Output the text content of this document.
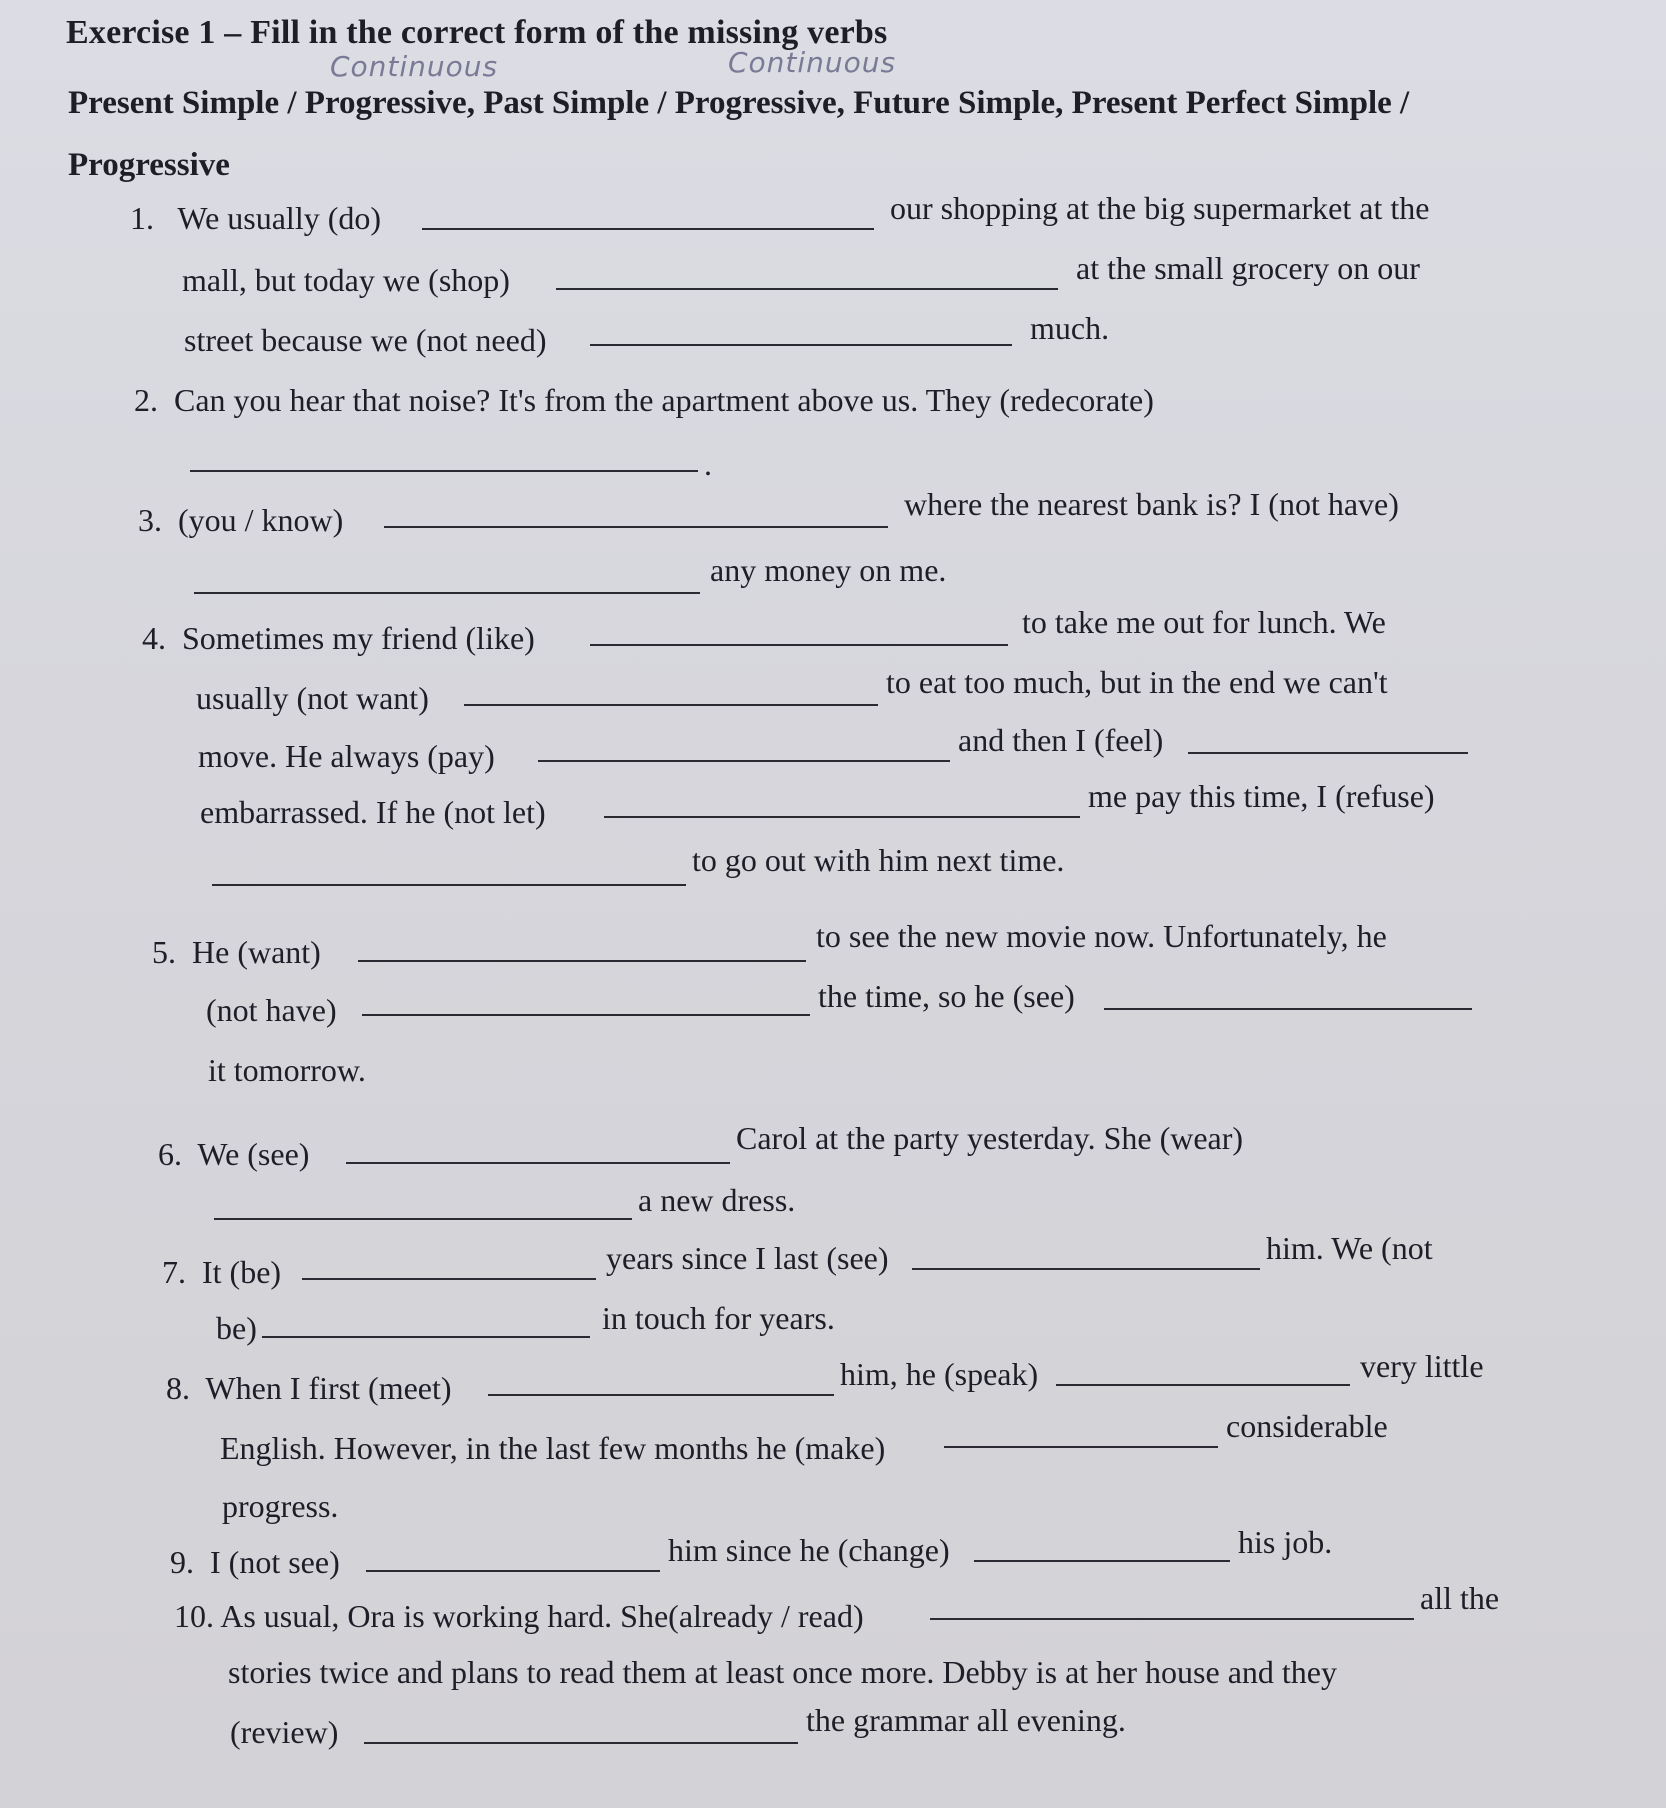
Exercise 1 – Fill in the correct form of the missing verbs
Continuous	Continuous
Present Simple / Progressive, Past Simple / Progressive, Future Simple, Present Perfect Simple / Progressive
1. We usually (do)	our shopping at the big supermarket at the
mall, but today we (shop)	at the small grocery on our
street because we (not need)	much.
2. Can you hear that noise? It's from the apartment above us. They (redecorate)
.
3. (you / know)	where the nearest bank is? I (not have)
any money on me.
4. Sometimes my friend (like)	to take me out for lunch. We
usually (not want)	to eat too much, but in the end we can't
move. He always (pay)	and then I (feel)
embarrassed. If he (not let)	me pay this time, I (refuse)
to go out with him next time.
5. He (want)	to see the new movie now. Unfortunately, he
(not have)	the time, so he (see)
it tomorrow.
6. We (see)	Carol at the party yesterday. She (wear)
a new dress.
7. It (be)	years since I last (see)	him. We (not
be)	in touch for years.
8. When I first (meet)	him, he (speak)	very little
English. However, in the last few months he (make)
considerable
progress.
9. I (not see)	him since he (change)	his job.
10. As usual, Ora is working hard. She(already / read)	all the
stories twice and plans to read them at least once more. Debby is at her house and they
(review)	the grammar all evening.
